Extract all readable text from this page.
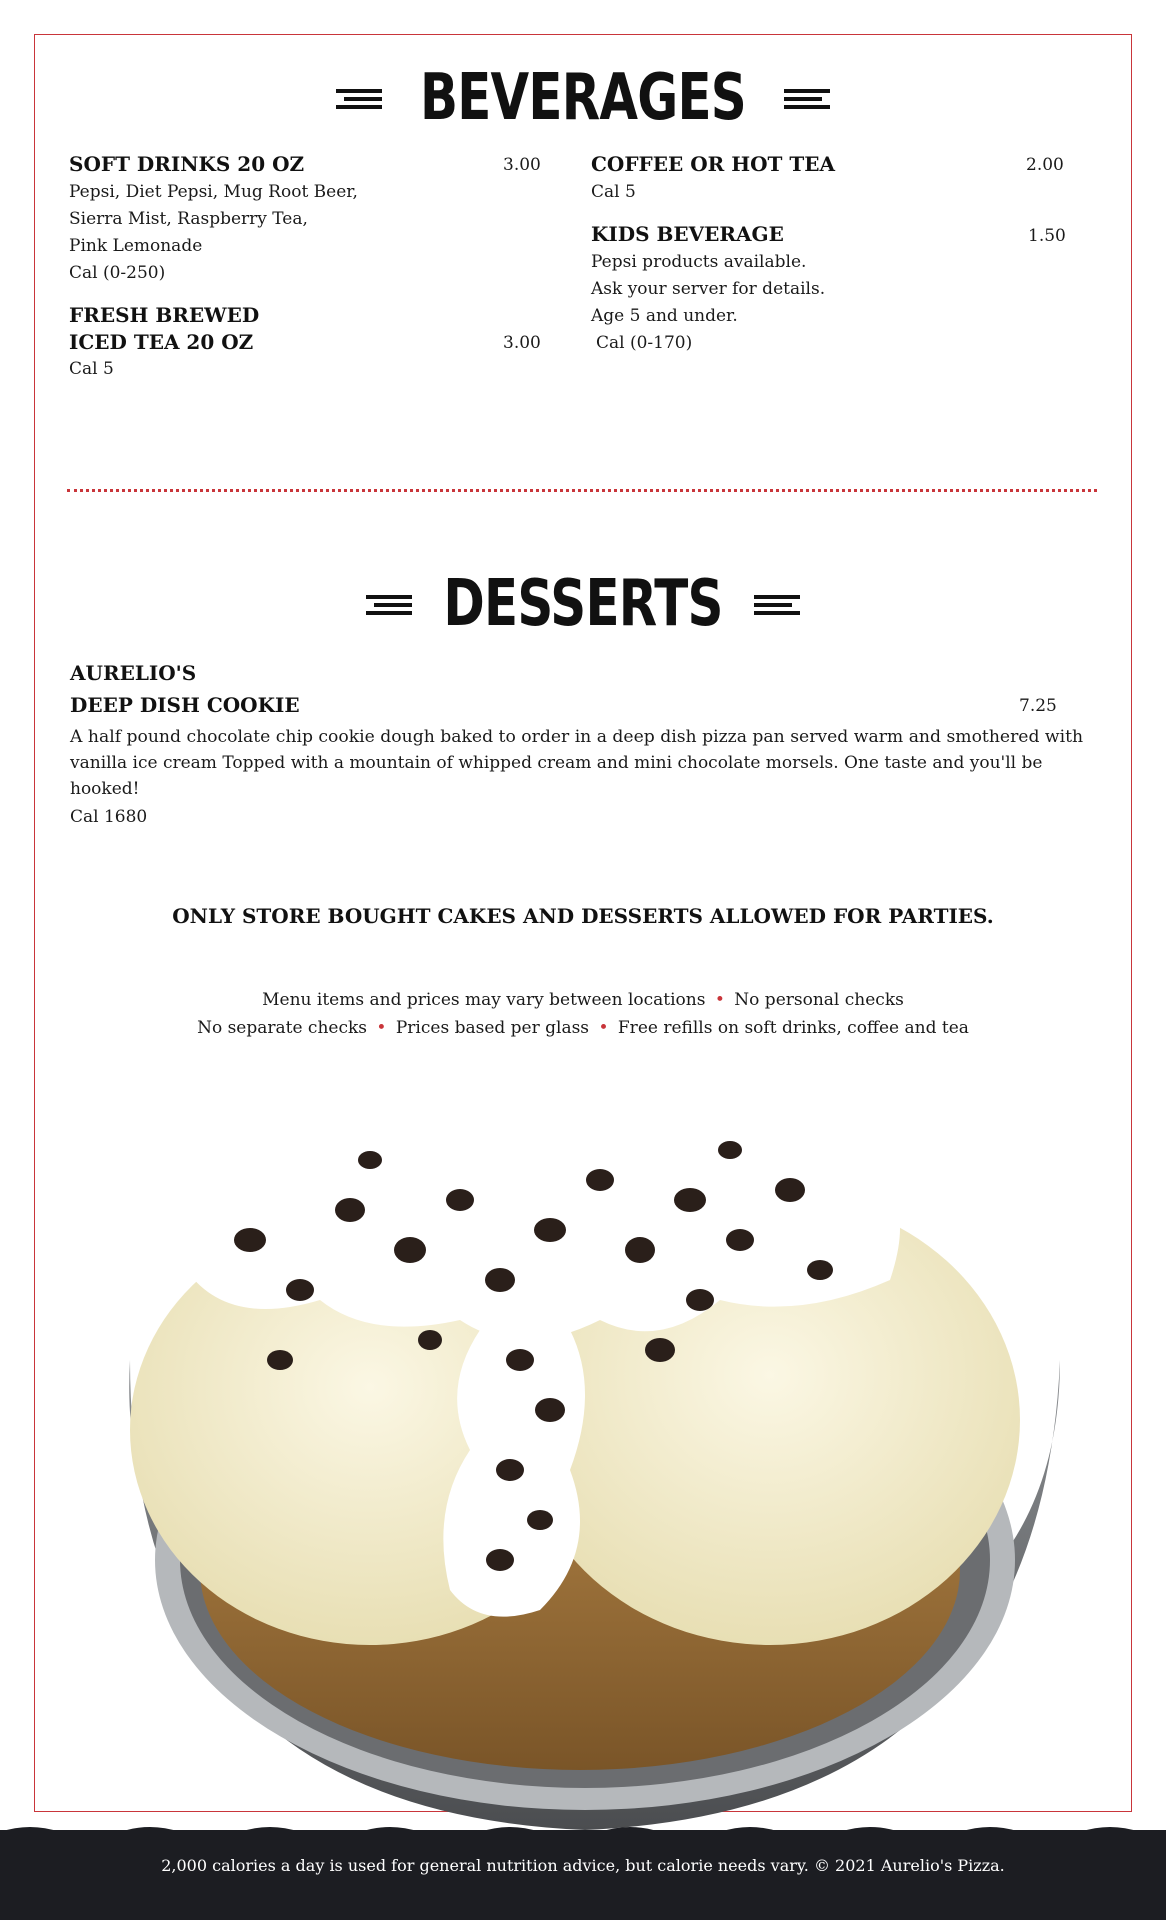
BEVERAGES
SOFT DRINKS 20 OZ	3.00
Pepsi, Diet Pepsi, Mug Root Beer,
Sierra Mist, Raspberry Tea,
Pink Lemonade
Cal (0-250)
FRESH BREWED
ICED TEA 20 OZ	3.00
Cal 5
COFFEE OR HOT TEA	2.00
Cal 5
KIDS BEVERAGE	1.50
Pepsi products available.
Ask your server for details.
Age 5 and under.
Cal (0-170)
DESSERTS
AURELIO'S
DEEP DISH COOKIE	7.25
A half pound chocolate chip cookie dough baked to order in a deep dish pizza pan served warm and smothered with
vanilla ice cream Topped with a mountain of whipped cream and mini chocolate morsels. One taste and you'll be
hooked!
Cal 1680
ONLY STORE BOUGHT CAKES AND DESSERTS ALLOWED FOR PARTIES.
Menu items and prices may vary between locations • No personal checks
No separate checks • Prices based per glass • Free refills on soft drinks, coffee and tea
2,000 calories a day is used for general nutrition advice, but calorie needs vary. © 2021 Aurelio's Pizza.
